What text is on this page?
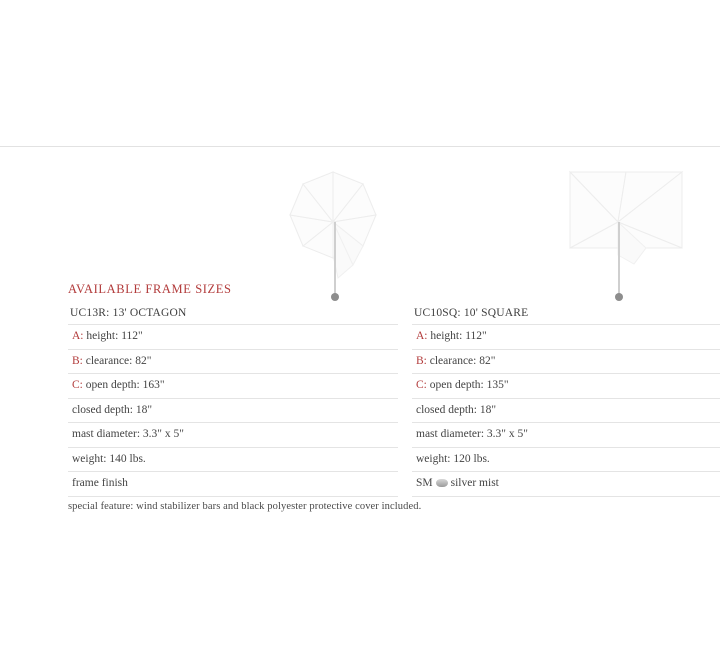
AVAILABLE FRAME SIZES
UC13R: 13' OCTAGON
A: height: 112"
B: clearance: 82"
C: open depth: 163"
closed depth: 18"
mast diameter: 3.3" x 5"
weight: 140 lbs.
frame finish
UC10SQ: 10' SQUARE
A: height: 112"
B: clearance: 82"
C: open depth: 135"
closed depth: 18"
mast diameter: 3.3" x 5"
weight: 120 lbs.
SM silver mist
special feature: wind stabilizer bars and black polyester protective cover included.
